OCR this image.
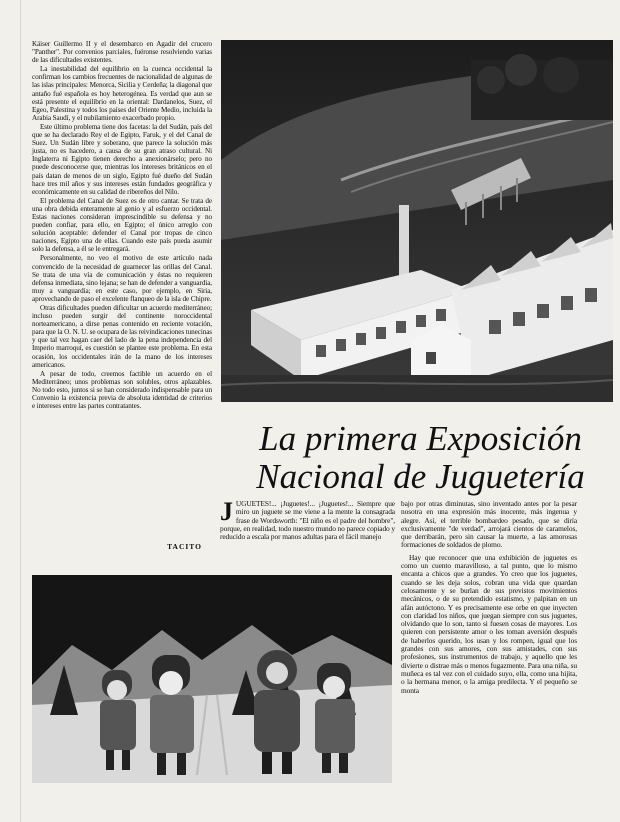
Káiser Guillermo II y el desembarco en Agadir del crucero "Panther". Por convenios parciales, fuéronse resolviendo varias de las dificultades existentes.

La inestabilidad del equilibrio en la cuenca occidental la confirman los cambios frecuentes de nacionalidad de algunas de las islas principales: Menorca, Sicilia y Cerdeña; la diagonal que antaño fué española es hoy heterogénea. Es verdad que aun se está presente el equilibrio en la oriental: Dardanelos, Suez, el Egeo, Palestina y todos los países del Oriente Medio, incluida la Arabia Saudí, y el nubilamiento exacerbado propio.

Este último problema tiene dos facetas: la del Sudán, país del que se ha declarado Rey el de Egipto, Faruk, y el del Canal de Suez. Un Sudán libre y soberano, que parece la solución más justa, no es hacedero, a causa de su gran atraso cultural. Ni Inglaterra ni Egipto tienen derecho a anexionárselo; pero no puede desconocerse que, mientras los intereses británicos en el país datan de menos de un siglo, Egipto fué dueño del Sudán hace tres mil años y sus intereses están fundados geográfica y económicamente en su calidad de ribereños del Nilo.

El problema del Canal de Suez es de otro cantar. Se trata de una obra debida enteramente al genio y al esfuerzo occidental. Estas naciones consideran imprescindible su defensa y no pueden confiar, para ello, en Egipto; el único arreglo con solución aceptable: defender el Canal por tropas de cinco naciones, Egipto una de ellas. Cuando este país pueda asumir solo la defensa, a él se le entregará.

Personalmente, no veo el motivo de este artículo nada convencido de la necesidad de guarnecer las orillas del Canal. Se trata de una vía de comunicación y éstas no requieren defensa inmediata, sino lejana; se han de defender a vanguardia, muy a vanguardia; en este caso, por ejemplo, en Siria, aprovechando de paso el excelente flanqueo de la isla de Chipre.

Otras dificultades pueden dificultar un acuerdo mediterráneo; incluso pueden surgir del continente noroccidental norteamericano, a dirse penas contenido en reciente votación, para que la O. N. U. se ocupara de las reivindicaciones tunecinas y que tal vez hagan caer del lado de la pena independencia del Imperio marroquí, es cuestión se plantee este problema. En esta ocasión, los occidentales irán de la mano de los intereses americanos.

A pesar de todo, creemos factible un acuerdo en el Mediterráneo; unos problemas son solubles, otros aplazables. No todo esto, juntos si se han considerado indispensable para un Convenio la existencia previa de absoluta identidad de criterios e intereses entre las partes contratantes.

TACITO
La primera Exposición
Nacional de Juguetería
J UGUETES!... ¡Juguetes!... ¡Juguetes!... Siempre que miro un juguete se me viene a la mente la consagrada frase de Wordsworth: "El niño es el padre del hombre", porque, en realidad, todo nuestro mundo no parece copiado y reducido a escala por manos adultas para el fácil manejo

bajo por otras diminutas, sino inventado antes por la pesar nosotra en una expresión más inocente, más ingenua y alegre. Así, el terrible bombardeo pesado, que se diría exclusivamente "de verdad", arrojará cientos de caramelos, que derribarán, pero sin causar la muerte, a las amorosas formaciones de soldados de plomo.

Hay que reconocer que una exhibición de juguetes es como un cuento maravilloso, a tal punto, que lo mismo encanta a chicos que a grandes. Yo creo que los juguetes, cuando se les deja solos, cobran una vida que quardan celosamente y se burlan de sus previstos movimientos mecánicos, o de su pretendido estatismo, y palpitan en un afán autóctono. Y es precisamente ese orbe en que inyecten con claridad los niños, que juegan siempre con sus juguetes, olvidando que lo son, tanto si fuesen cosas de mayores. Los quieren con persistente amor o les toman aversión después de haberlos querido, los usan y los rompen, igual que los grandes con sus amores, con sus amistades, con sus profesiones, sus instrumentos de trabajo, y aquello que les divierte o distrae más o menos fugazmente. Para una niña, su muñeca es tal vez con el cuidado suyo, ella, como una hijita, o la hermana menor, o la amiga predilecta. Y el pequeño se monta
